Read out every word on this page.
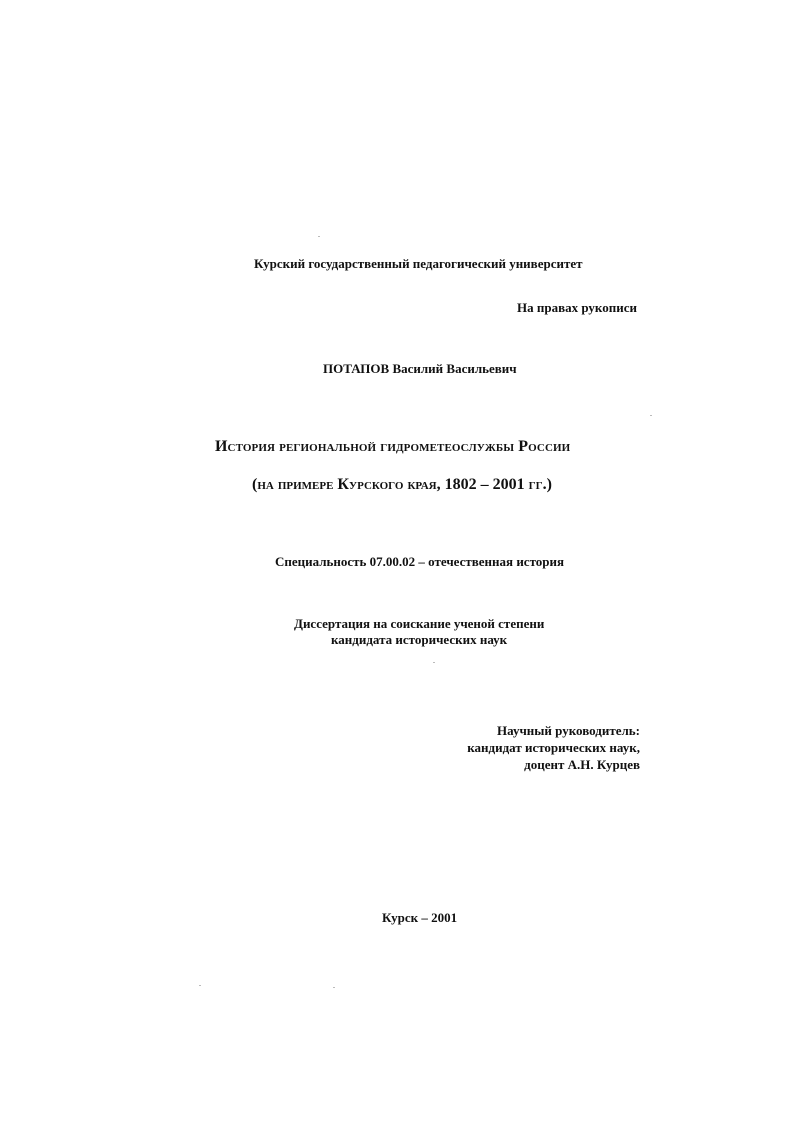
Курский государственный педагогический университет
На правах рукописи
ПОТАПОВ Василий Васильевич
История региональной гидрометеослужбы России
(на примере Курского края, 1802 – 2001 гг.)
Специальность 07.00.02 – отечественная история
Диссертация на соискание ученой степени
кандидата исторических наук
Научный руководитель:
кандидат исторических наук,
доцент А.Н. Курцев
Курск – 2001
